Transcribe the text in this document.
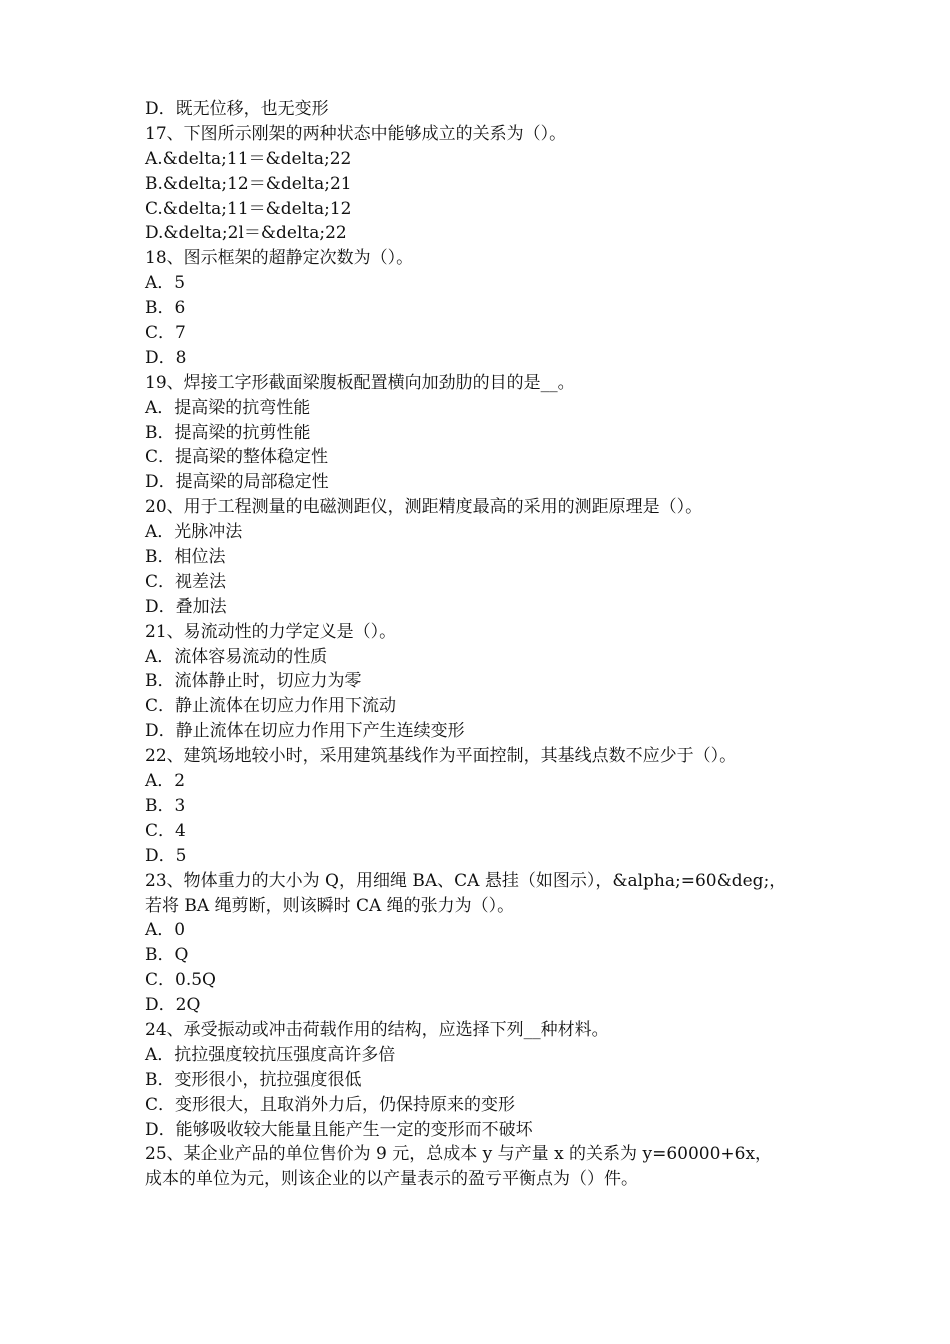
D．既无位移，也无变形
17、下图所示刚架的两种状态中能够成立的关系为（）。
A.&delta;11＝&delta;22
B.&delta;12＝&delta;21
C.&delta;11＝&delta;12
D.&delta;2l＝&delta;22
18、图示框架的超静定次数为（）。
A．5
B．6
C．7
D．8
19、焊接工字形截面梁腹板配置横向加劲肋的目的是__。
A．提高梁的抗弯性能
B．提高梁的抗剪性能
C．提高梁的整体稳定性
D．提高梁的局部稳定性
20、用于工程测量的电磁测距仪，测距精度最高的采用的测距原理是（）。
A．光脉冲法
B．相位法
C．视差法
D．叠加法
21、易流动性的力学定义是（）。
A．流体容易流动的性质
B．流体静止时，切应力为零
C．静止流体在切应力作用下流动
D．静止流体在切应力作用下产生连续变形
22、建筑场地较小时，采用建筑基线作为平面控制，其基线点数不应少于（）。
A．2
B．3
C．4
D．5
23、物体重力的大小为 Q，用细绳 BA、CA 悬挂（如图示），&alpha;=60&deg;，
若将 BA 绳剪断，则该瞬时 CA 绳的张力为（）。
A．0
B．Q
C．0.5Q
D．2Q
24、承受振动或冲击荷载作用的结构，应选择下列__种材料。
A．抗拉强度较抗压强度高许多倍
B．变形很小，抗拉强度很低
C．变形很大，且取消外力后，仍保持原来的变形
D．能够吸收较大能量且能产生一定的变形而不破坏
25、某企业产品的单位售价为 9 元，总成本 y 与产量 x 的关系为 y=60000+6x，
成本的单位为元，则该企业的以产量表示的盈亏平衡点为（）件。
